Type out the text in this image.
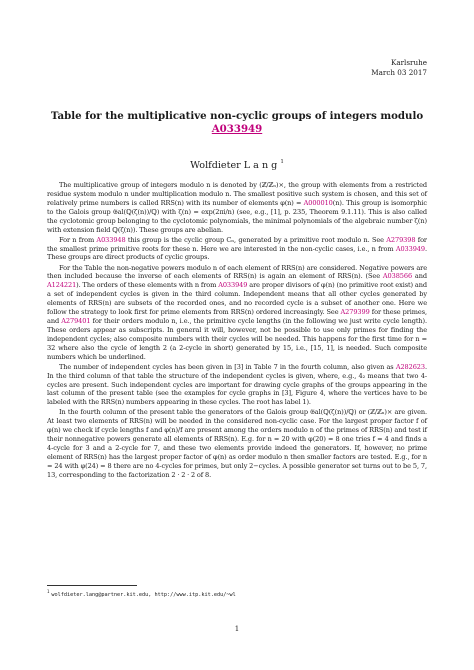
Karlsruhe
March 03 2017
Table for the multiplicative non-cyclic groups of integers modulo
A033949
Wolfdieter L a n g $^1$

The multiplicative group of integers modulo n is denoted by (ℤ/ℤₙ)×, the group with elements from a restricted residue system modulo n under multiplication modulo n. The smallest positive such system is chosen, and this set of relatively prime numbers is called RRS(n) with its number of elements φ(n) = A000010(n). This group is isomorphic to the Galois group 𝔊al(ℚ(ζ(n))/ℚ) with ζ(n) = exp(2πi/n) (see, e.g., [1], p. 235, Theorem 9.1.11). This is also called the cyclotomic group belonging to the cyclotomic polynomials, the minimal polynomials of the algebraic number ζ(n) with extension field ℚ(ζ(n)). These groups are abelian.

For n from A033948 this group is the cyclic group Cₙ, generated by a primitive root modulo n. See A279398 for the smallest prime primitive roots for these n. Here we are interested in the non-cyclic cases, i.e., n from A033949. These groups are direct products of cyclic groups.

For the Table the non-negative powers modulo n of each element of RRS(n) are considered. Negative powers are then included because the inverse of each elements of RRS(n) is again an element of RRS(n). (See A038566 and A124221). The orders of these elements with n from A033949 are proper divisors of φ(n) (no primitive root exist) and a set of independent cycles is given in the third column. Independent means that all other cycles generated by elements of RRS(n) are subsets of the recorded ones, and no recorded cycle is a subset of another one. Here we follow the strategy to look first for prime elements from RRS(n) ordered increasingly. See A279399 for these primes, and A279401 for their orders modulo n, i.e., the primitive cycle lengths (in the following we just write cycle length). These orders appear as subscripts. In general it will, however, not be possible to use only primes for finding the independent cycles; also composite numbers with their cycles will be needed. This happens for the first time for n = 32 where also the cycle of length 2 (a 2-cycle in short) generated by 15, i.e., [15, 1], is needed. Such composite numbers which be underlined.

The number of independent cycles has been given in [3] in Table 7 in the fourth column, also given as A282623. In the third column of that table the structure of the independent cycles is given, where, e.g., 4₂ means that two 4-cycles are present. Such independent cycles are important for drawing cycle graphs of the groups appearing in the last column of the present table (see the examples for cycle graphs in [3], Figure 4, where the vertices have to be labeled with the RRS(n) numbers appearing in these cycles. The root has label 1).

In the fourth column of the present table the generators of the Galois group 𝔊al(ℚ(ζ(n))/ℚ) or (ℤ/ℤₙ)× are given. At least two elements of RRS(n) will be needed in the considered non-cyclic case. For the largest proper factor f of φ(n) we check if cycle lengths f and φ(n)/f are present among the orders modulo n of the primes of RRS(n) and test if their nonnegative powers generate all elements of RRS(n). E.g. for n = 20 with φ(20) = 8 one tries f = 4 and finds a 4-cycle for 3 and a 2-cycle for 7, and these two elements provide indeed the generators. If, however, no prime element of RRS(n) has the largest proper factor of φ(n) as order modulo n then smaller factors are tested. E.g., for n = 24 with φ(24) = 8 there are no 4-cycles for primes, but only 2−cycles. A possible generator set turns out to be 5, 7, 13, corresponding to the factorization 2 · 2 · 2 of 8.

$^1$wolfdieter.lang@partner.kit.edu, http://www.itp.kit.edu/~wl
1
